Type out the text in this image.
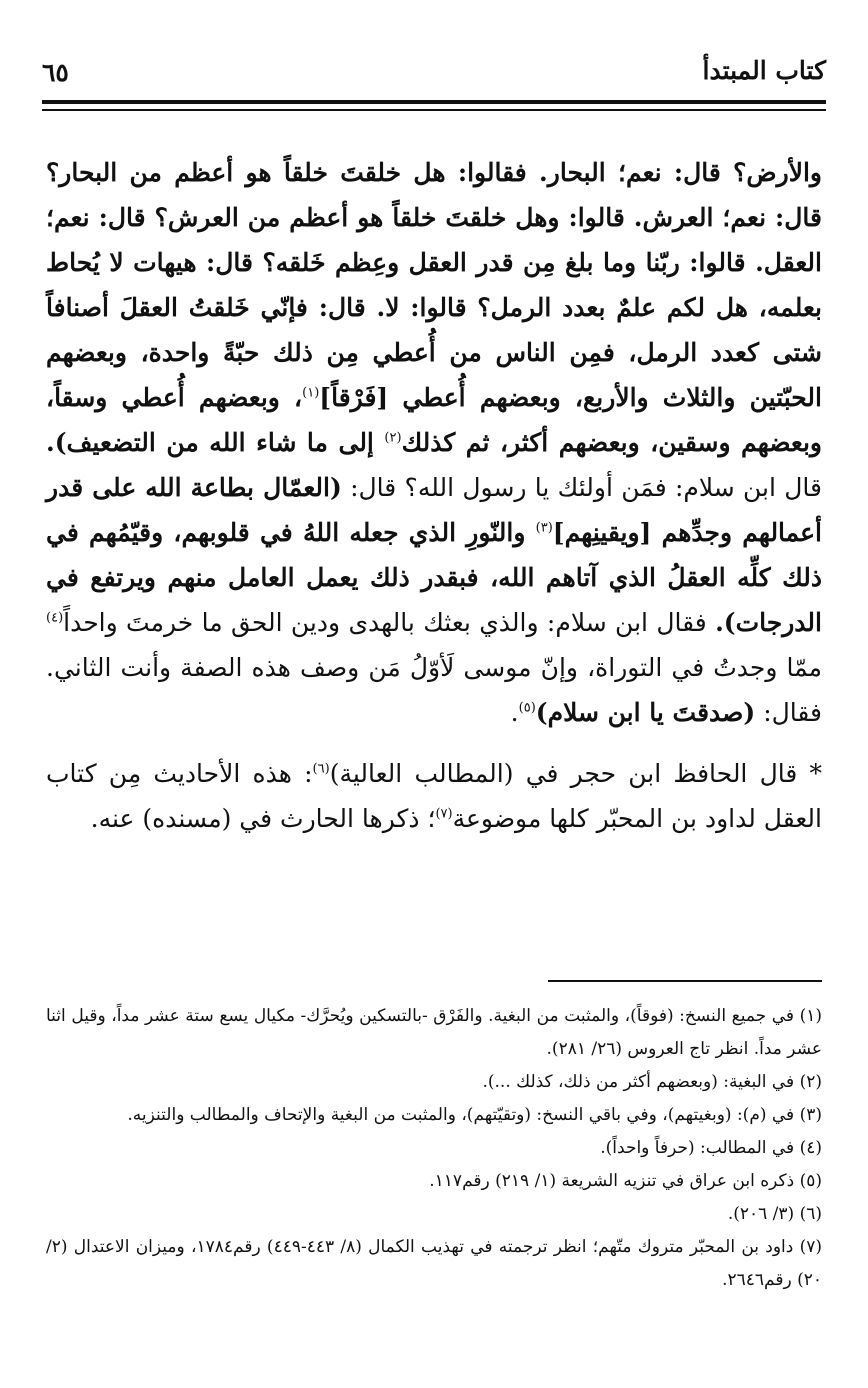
كتاب المبتدأ
٦٥

والأرض؟ قال: نعم؛ البحار. فقالوا: هل خلقتَ خلقاً هو أعظم من البحار؟ قال: نعم؛ العرش. قالوا: وهل خلقتَ خلقاً هو أعظم من العرش؟ قال: نعم؛ العقل. قالوا: ربّنا وما بلغ مِن قدر العقل وعِظم خَلقه؟ قال: هيهات لا يُحاط بعلمه، هل لكم علمٌ بعدد الرمل؟ قالوا: لا. قال: فإنّي خَلقتُ العقلَ أصنافاً شتى كعدد الرمل، فمِن الناس من أُعطي مِن ذلك حبّةً واحدة، وبعضهم الحبّتين والثلاث والأربع، وبعضهم أُعطي [فَرْقاً]$^{(١)}$، وبعضهم أُعطي وسقاً، وبعضهم وسقين، وبعضهم أكثر، ثم كذلك$^{(٢)}$ إلى ما شاء الله من التضعيف). قال ابن سلام: فمَن أولئك يا رسول الله؟ قال: (العمّال بطاعة الله على قدر أعمالهم وجدِّهم [ويقينِهم]$^{(٣)}$ والنّورِ الذي جعله اللهُ في قلوبهم، وقيّمُهم في ذلك كلِّه العقلُ الذي آتاهم الله، فبقدر ذلك يعمل العامل منهم ويرتفع في الدرجات). فقال ابن سلام: والذي بعثك بالهدى ودين الحق ما خرمتَ واحداً$^{(٤)}$ ممّا وجدتُ في التوراة، وإنّ موسى لَأوّلُ مَن وصف هذه الصفة وأنت الثاني. فقال: (صدقتَ يا ابن سلام)$^{(٥)}$.

* قال الحافظ ابن حجر في (المطالب العالية)$^{(٦)}$: هذه الأحاديث مِن كتاب العقل لداود بن المحبّر كلها موضوعة$^{(٧)}$؛ ذكرها الحارث في (مسنده) عنه.

(١) في جميع النسخ: (فوقاً)، والمثبت من البغية. والفَرْق -بالتسكين ويُحرَّك- مكيال يسع ستة عشر مداً، وقيل اثنا عشر مداً. انظر تاج العروس (٢٦/ ٢٨١).

(٢) في البغية: (وبعضهم أكثر من ذلك، كذلك ...).

(٣) في (م): (وبغيتهم)، وفي باقي النسخ: (وتقيّتهم)، والمثبت من البغية والإتحاف والمطالب والتنزيه.

(٤) في المطالب: (حرفاً واحداً).

(٥) ذكره ابن عراق في تنزيه الشريعة (١/ ٢١٩) رقم١١٧.

(٦) (٣/ ٢٠٦).

(٧) داود بن المحبّر متروك متّهم؛ انظر ترجمته في تهذيب الكمال (٨/ ٤٤٣-٤٤٩) رقم١٧٨٤، وميزان الاعتدال (٢/ ٢٠) رقم٢٦٤٦.
